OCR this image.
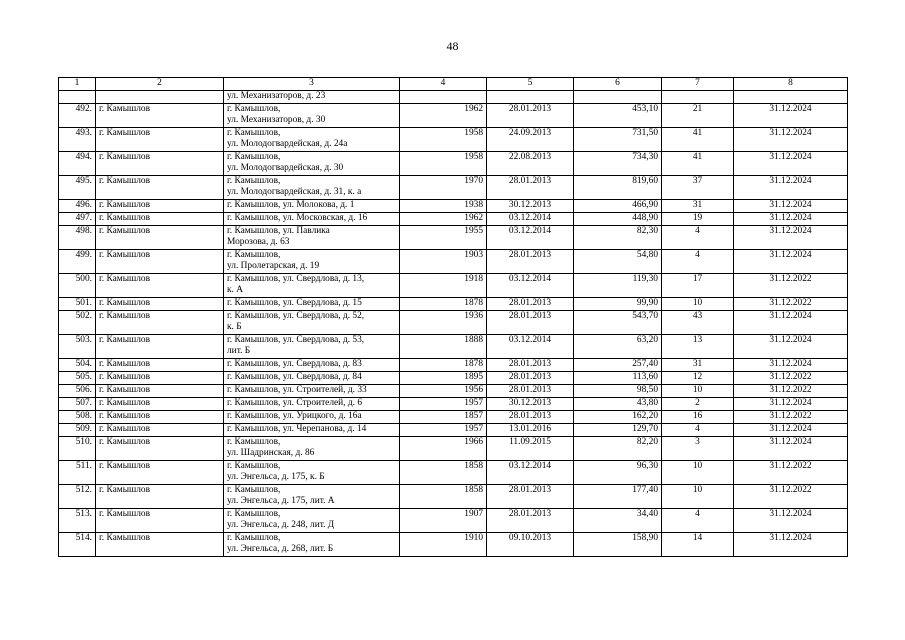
48
1	2	3	4	5	6	7	8

		ул. Механизаторов, д. 23					

492.	г. Камышлов	г. Камышлов,
ул. Механизаторов, д. 30	1962	28.01.2013	453,10	21	31.12.2024
493.	г. Камышлов	г. Камышлов,
ул. Молодогвардейская, д. 24а	1958	24.09.2013	731,50	41	31.12.2024
494.	г. Камышлов	г. Камышлов,
ул. Молодогвардейская, д. 30	1958	22.08.2013	734,30	41	31.12.2024
495.	г. Камышлов	г. Камышлов,
ул. Молодогвардейская, д. 31, к. а	1970	28.01.2013	819,60	37	31.12.2024
496.	г. Камышлов	г. Камышлов, ул. Молокова, д. 1	1938	30.12.2013	466,90	31	31.12.2024
497.	г. Камышлов	г. Камышлов, ул. Московская, д. 16	1962	03.12.2014	448,90	19	31.12.2024
498.	г. Камышлов	г. Камышлов, ул. Павлика
Морозова, д. 63	1955	03.12.2014	82,30	4	31.12.2024
499.	г. Камышлов	г. Камышлов,
ул. Пролетарская, д. 19	1903	28.01.2013	54,80	4	31.12.2024
500.	г. Камышлов	г. Камышлов, ул. Свердлова, д. 13,
к. А	1918	03.12.2014	119,30	17	31.12.2022
501.	г. Камышлов	г. Камышлов, ул. Свердлова, д. 15	1878	28.01.2013	99,90	10	31.12.2022
502.	г. Камышлов	г. Камышлов, ул. Свердлова, д. 52,
к. Б	1936	28.01.2013	543,70	43	31.12.2024
503.	г. Камышлов	г. Камышлов, ул. Свердлова, д. 53,
лит. Б	1888	03.12.2014	63,20	13	31.12.2024
504.	г. Камышлов	г. Камышлов, ул. Свердлова, д. 83	1878	28.01.2013	257,40	31	31.12.2024
505.	г. Камышлов	г. Камышлов, ул. Свердлова, д. 84	1895	28.01.2013	113,60	12	31.12.2022
506.	г. Камышлов	г. Камышлов, ул. Строителей, д. 33	1956	28.01.2013	98,50	10	31.12.2022
507.	г. Камышлов	г. Камышлов, ул. Строителей, д. 6	1957	30.12.2013	43,80	2	31.12.2024
508.	г. Камышлов	г. Камышлов, ул. Урицкого, д. 16а	1857	28.01.2013	162,20	16	31.12.2022
509.	г. Камышлов	г. Камышлов, ул. Черепанова, д. 14	1957	13.01.2016	129,70	4	31.12.2024
510.	г. Камышлов	г. Камышлов,
ул. Шадринская, д. 86	1966	11.09.2015	82,20	3	31.12.2024
511.	г. Камышлов	г. Камышлов,
ул. Энгельса, д. 175, к. Б	1858	03.12.2014	96,30	10	31.12.2022
512.	г. Камышлов	г. Камышлов,
ул. Энгельса, д. 175, лит. А	1858	28.01.2013	177,40	10	31.12.2022
513.	г. Камышлов	г. Камышлов,
ул. Энгельса, д. 248, лит. Д	1907	28.01.2013	34,40	4	31.12.2024
514.	г. Камышлов	г. Камышлов,
ул. Энгельса, д. 268, лит. Б	1910	09.10.2013	158,90	14	31.12.2024
